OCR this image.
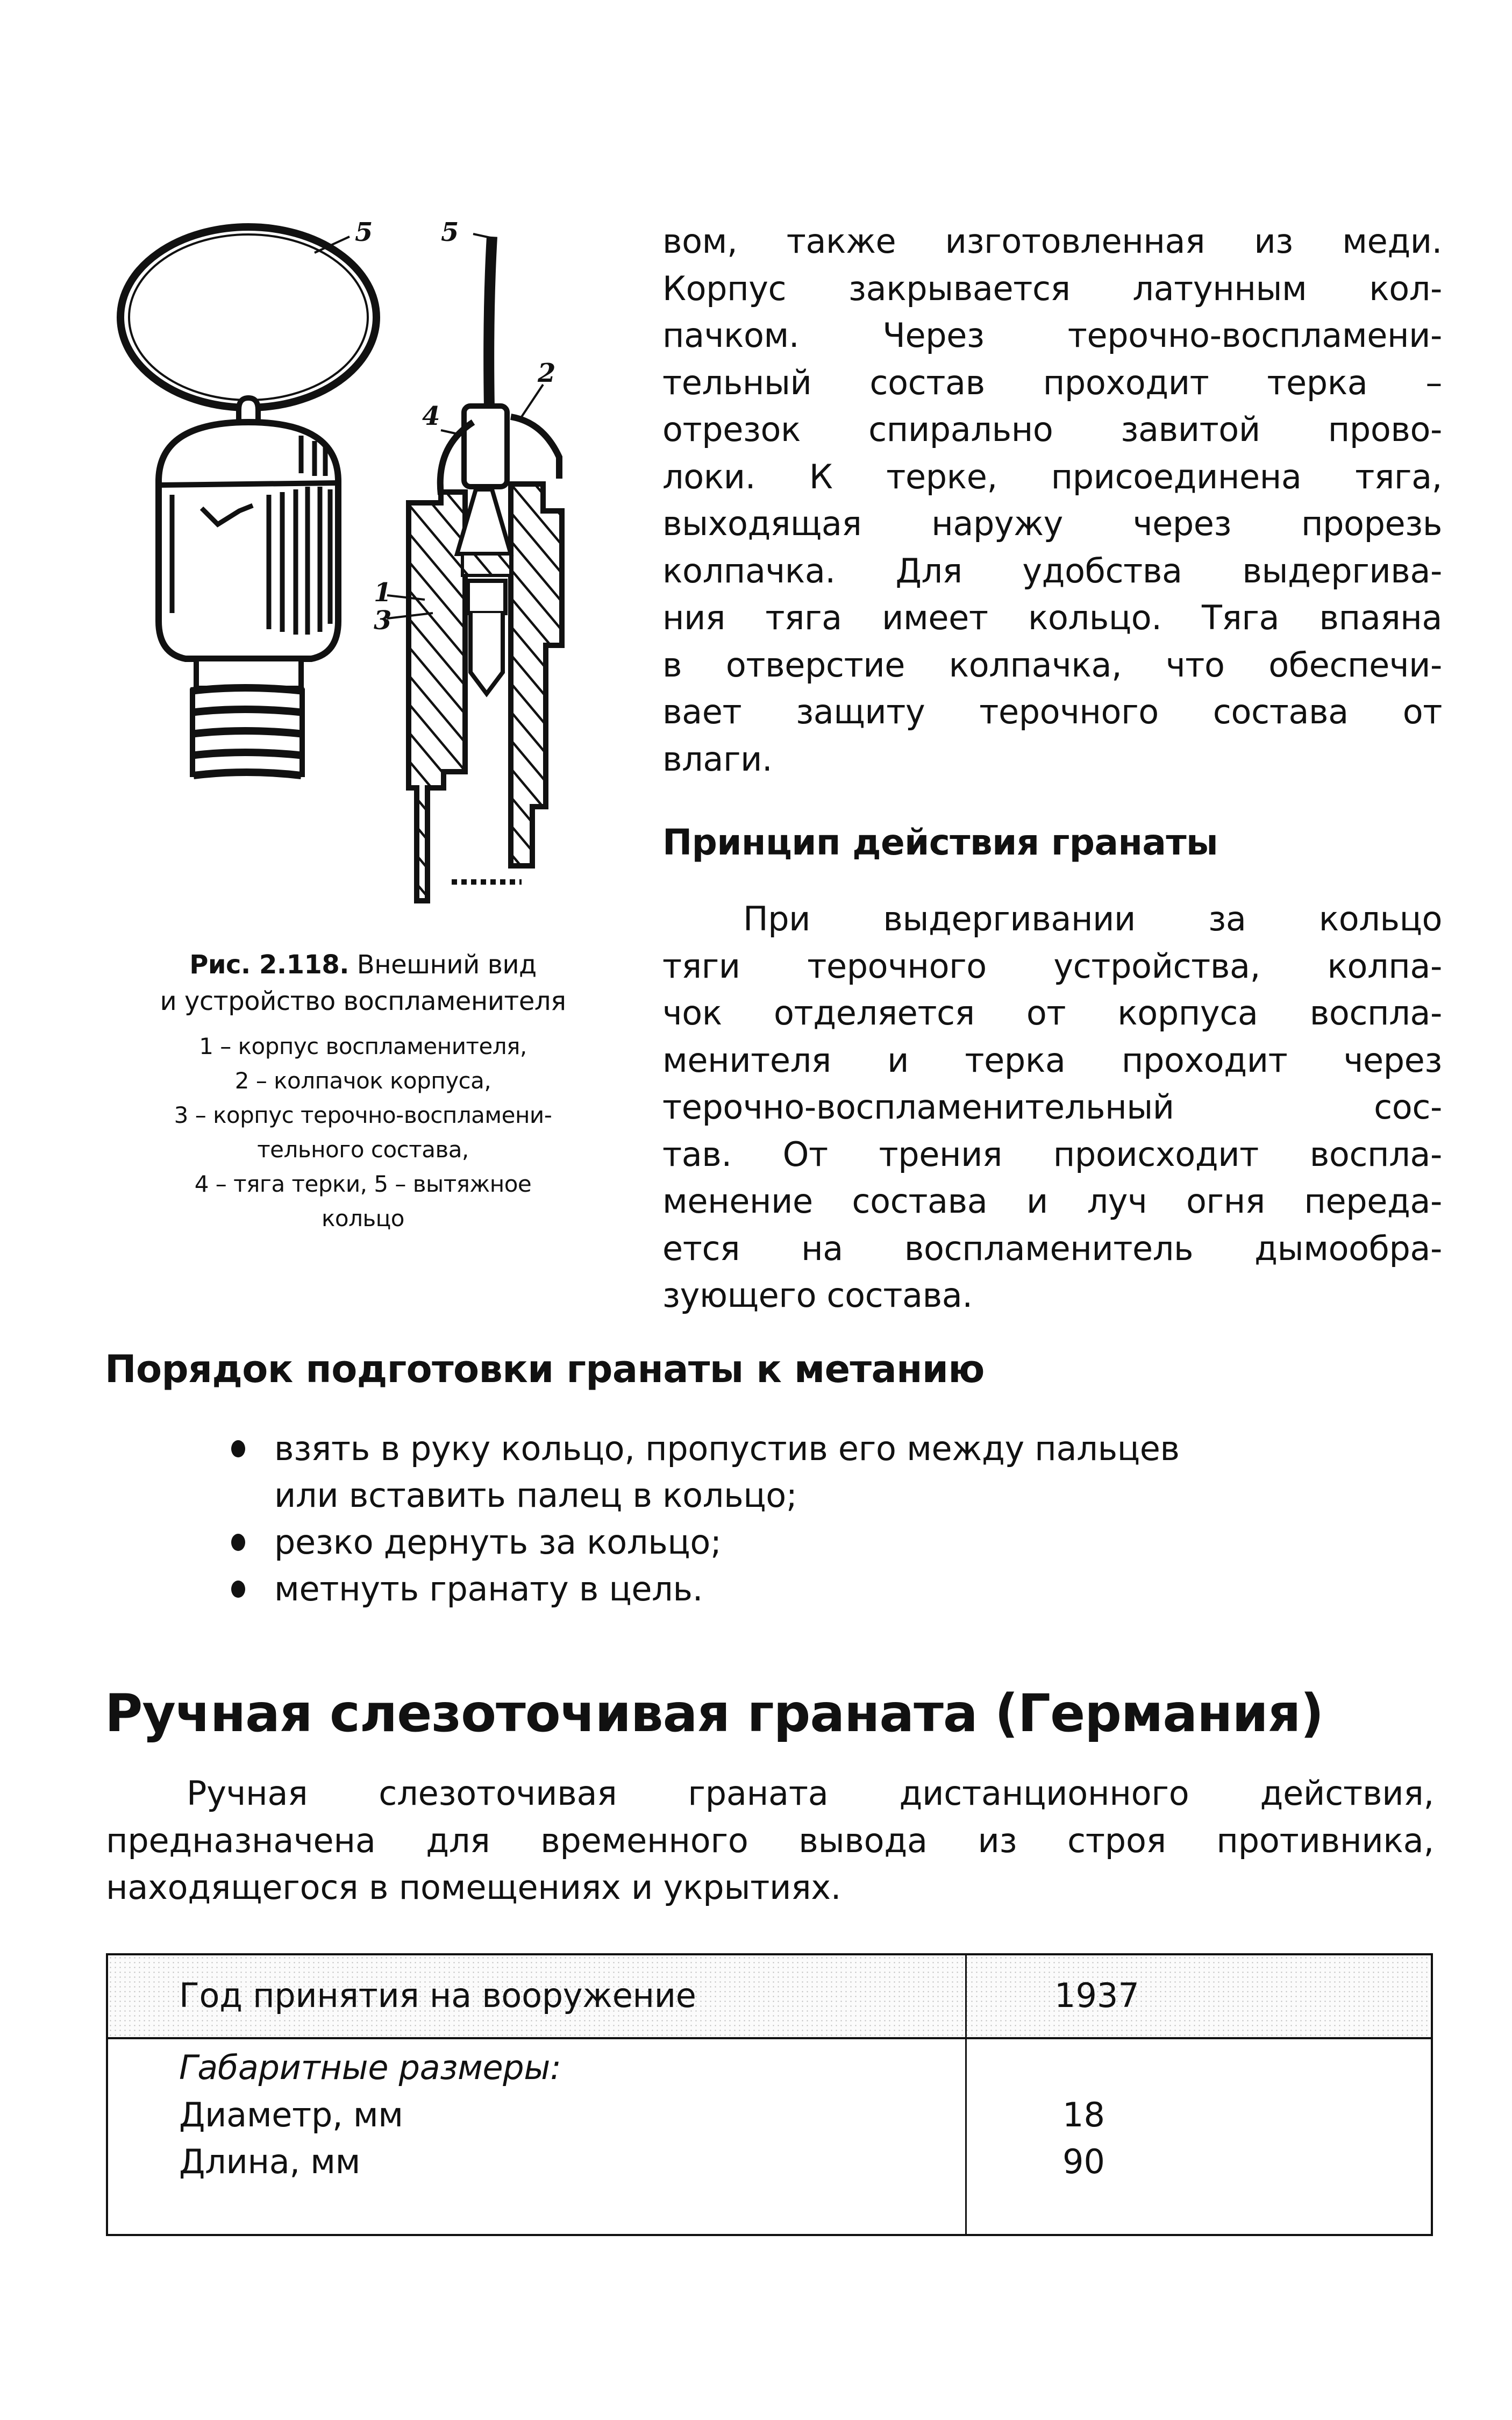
5	5
2
4
1
3
Рис. 2.118. Внешний вид
и устройство воспламенителя
1 – корпус воспламенителя,
2 – колпачок корпуса,
3 – корпус терочно-воспламени-
тельного состава,
4 – тяга терки, 5 – вытяжное
кольцо
вом, также изготовленная из меди.
Корпус закрывается латунным кол-
пачком. Через терочно-воспламени-
тельный состав проходит терка –
отрезок спирально завитой прово-
локи. К терке, присоединена тяга,
выходящая наружу через прорезь
колпачка. Для удобства выдергива-
ния тяга имеет кольцо. Тяга впаяна
в отверстие колпачка, что обеспечи-
вает защиту терочного состава от
влаги.
Принцип действия гранаты
При выдергивании за кольцо
тяги терочного устройства, колпа-
чок отделяется от корпуса воспла-
менителя и терка проходит через
терочно-воспламенительный сос-
тав. От трения происходит воспла-
менение состава и луч огня переда-
ется на воспламенитель дымообра-
зующего состава.
Порядок подготовки гранаты к метанию
взять в руку кольцо, пропустив его между пальцев
или вставить палец в кольцо;
резко дернуть за кольцо;
метнуть гранату в цель.
Ручная слезоточивая граната (Германия)
Ручная слезоточивая граната дистанционного действия,
предназначена для временного вывода из строя противника,
находящегося в помещениях и укрытиях.
Год принятия на вооружение	1937
Габаритные размеры:
Диаметр, мм	18
Длина, мм	90
